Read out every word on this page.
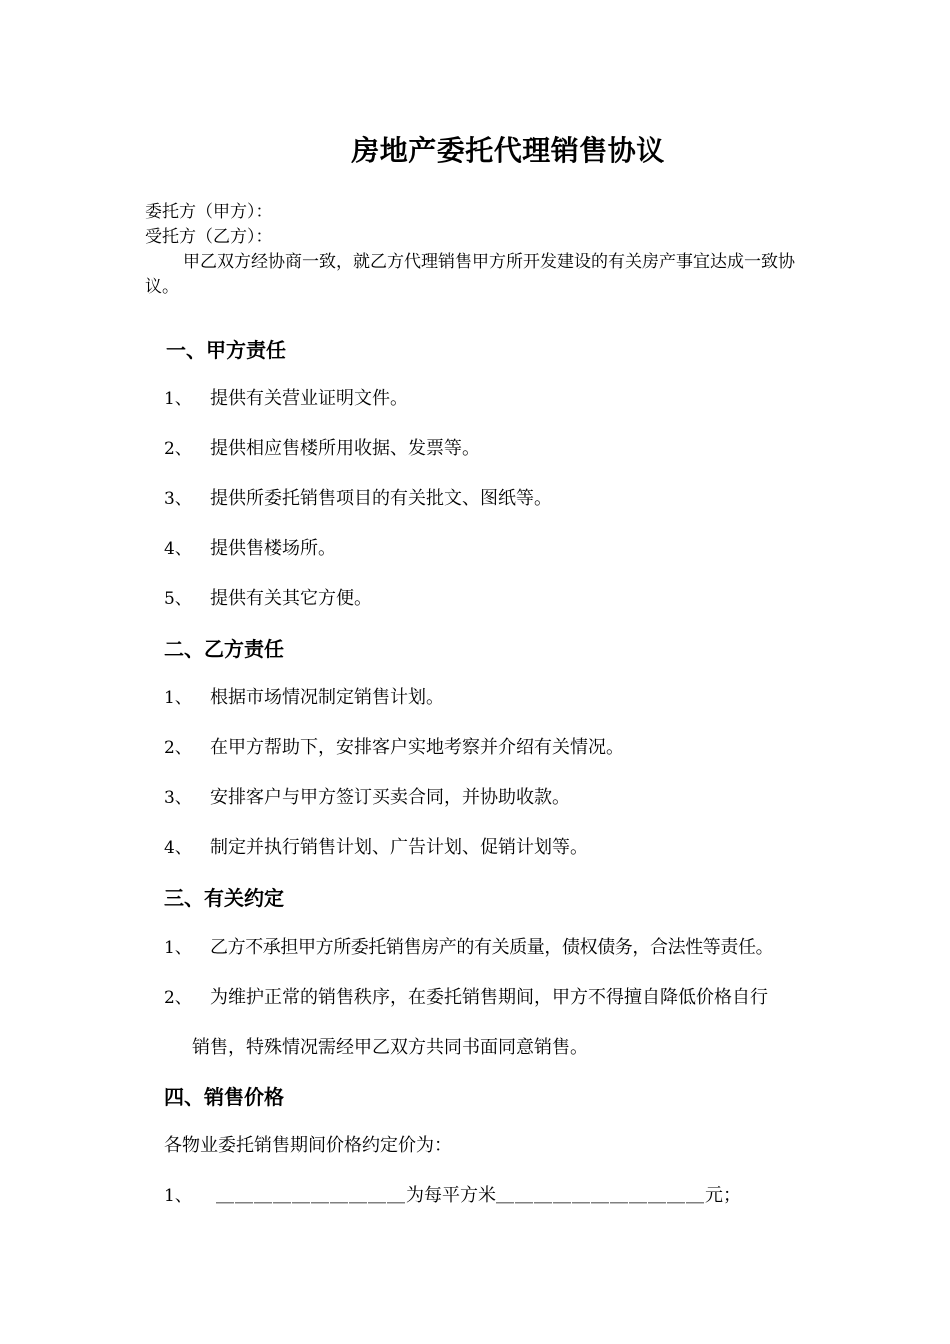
房地产委托代理销售协议
委托方（甲方）：
受托方（乙方）：
甲乙双方经协商一致，就乙方代理销售甲方所开发建设的有关房产事宜达成一致协议。
一、甲方责任
1、 提供有关营业证明文件。
2、 提供相应售楼所用收据、发票等。
3、 提供所委托销售项目的有关批文、图纸等。
4、 提供售楼场所。
5、 提供有关其它方便。
二、乙方责任
1、 根据市场情况制定销售计划。
2、 在甲方帮助下，安排客户实地考察并介绍有关情况。
3、 安排客户与甲方签订买卖合同，并协助收款。
4、 制定并执行销售计划、广告计划、促销计划等。
三、有关约定
1、 乙方不承担甲方所委托销售房产的有关质量，债权债务，合法性等责任。
2、 为维护正常的销售秩序，在委托销售期间，甲方不得擅自降低价格自行
销售，特殊情况需经甲乙双方共同书面同意销售。
四、销售价格
各物业委托销售期间价格约定价为：
1、 ＿＿＿＿＿＿＿＿＿＿为每平方米＿＿＿＿＿＿＿＿＿＿＿元；
